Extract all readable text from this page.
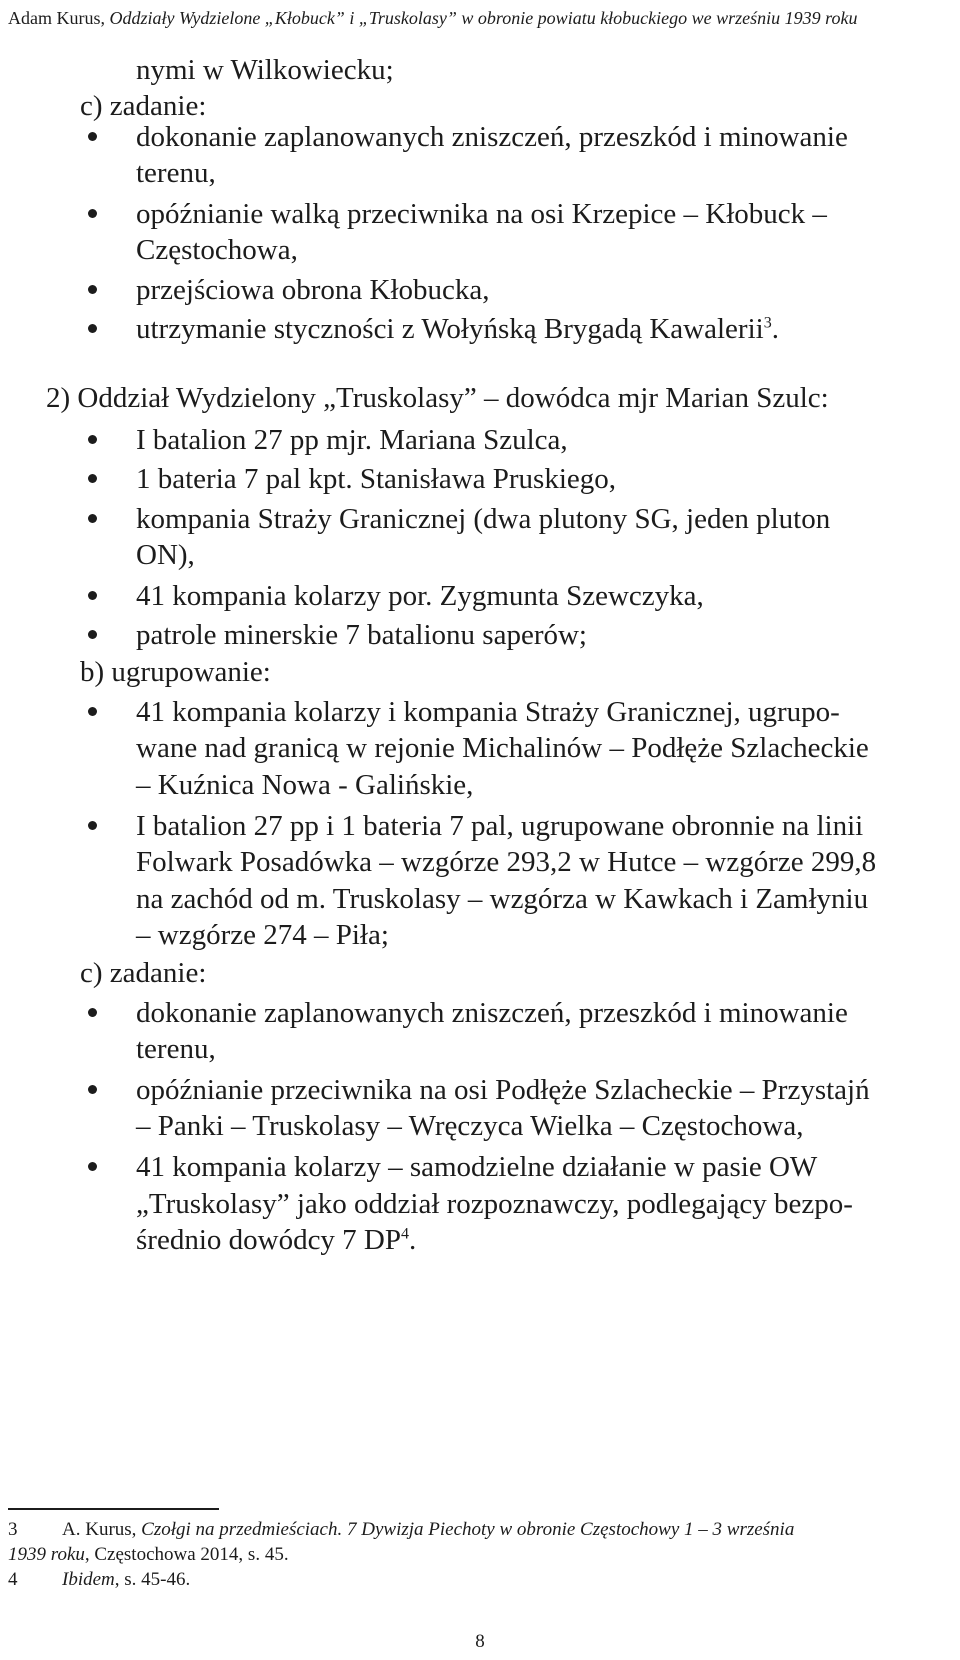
Adam Kurus, Oddziały Wydzielone „Kłobuck” i „Truskolasy” w obronie powiatu kłobuckiego we wrześniu 1939 roku
nymi w Wilkowiecku;
c) zadanie:
dokonanie zaplanowanych zniszczeń, przeszkód i minowanie
terenu,
opóźnianie walką przeciwnika na osi Krzepice – Kłobuck –
Częstochowa,
przejściowa obrona Kłobucka,
utrzymanie styczności z Wołyńską Brygadą Kawalerii$^3$.
2) Oddział Wydzielony „Truskolasy” – dowódca mjr Marian Szulc:
I batalion 27 pp mjr. Mariana Szulca,
1 bateria 7 pal kpt. Stanisława Pruskiego,
kompania Straży Granicznej (dwa plutony SG, jeden pluton
ON),
41 kompania kolarzy por. Zygmunta Szewczyka,
patrole minerskie 7 batalionu saperów;
b) ugrupowanie:
41 kompania kolarzy i kompania Straży Granicznej, ugrupo-
wane nad granicą w rejonie Michalinów – Podłęże Szlacheckie
– Kuźnica Nowa - Galińskie,
I batalion 27 pp i 1 bateria 7 pal, ugrupowane obronnie na linii
Folwark Posadówka – wzgórze 293,2 w Hutce – wzgórze 299,8
na zachód od m. Truskolasy – wzgórza w Kawkach i Zamłyniu
– wzgórze 274 – Piła;
c) zadanie:
dokonanie zaplanowanych zniszczeń, przeszkód i minowanie
terenu,
opóźnianie przeciwnika na osi Podłęże Szlacheckie – Przystajń
– Panki – Truskolasy – Wręczyca Wielka – Częstochowa,
41 kompania kolarzy – samodzielne działanie w pasie OW
„Truskolasy” jako oddział rozpoznawczy, podlegający bezpo-
średnio dowódcy 7 $DP^4$.
3 A. Kurus, Czołgi na przedmieściach. 7 Dywizja Piechoty w obronie Częstochowy 1 – 3 września
1939 roku, Częstochowa 2014, s. 45.
4 Ibidem, s. 45-46.
8
